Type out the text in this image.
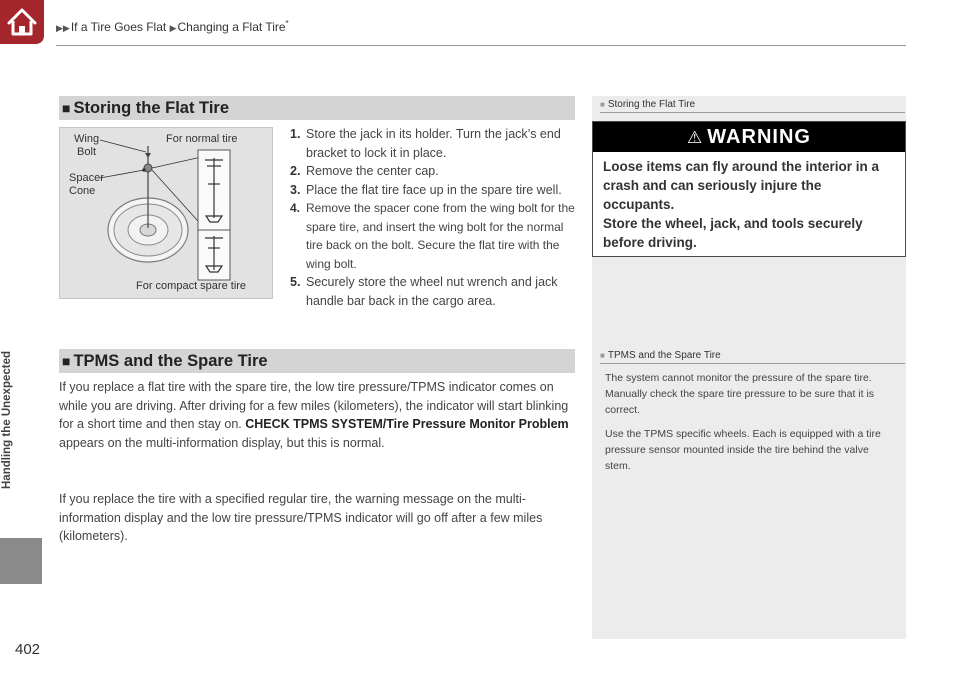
▶▶If a Tire Goes Flat ▶Changing a Flat Tire*
Handling the Unexpected
402
■ Storing the Flat Tire
⚠ WARNING
Loose items can fly around the interior in a crash and can seriously injure the occupants.
Store the wheel, jack, and tools securely before driving.
■ TPMS and the Spare Tire

The system cannot monitor the pressure of the spare tire. Manually check the spare tire pressure to be sure that it is correct.

Use the TPMS specific wheels. Each is equipped with a tire pressure sensor mounted inside the tire behind the valve stem.

■ Storing the Flat Tire
Wing
Bolt
For normal tire
Spacer
Cone
For compact spare tire
1. Store the jack in its holder. Turn the jack’s end bracket to lock it in place.
2. Remove the center cap.
3. Place the flat tire face up in the spare tire well.
4. Remove the spacer cone from the wing bolt for the spare tire, and insert the wing bolt for the normal tire back on the bolt. Secure the flat tire with the wing bolt.
5. Securely store the wheel nut wrench and jack handle bar back in the cargo area.
■ TPMS and the Spare Tire
If you replace a flat tire with the spare tire, the low tire pressure/TPMS indicator comes on while you are driving. After driving for a few miles (kilometers), the indicator will start blinking for a short time and then stay on. CHECK TPMS SYSTEM/Tire Pressure Monitor Problem appears on the multi-information display, but this is normal.
If you replace the tire with a specified regular tire, the warning message on the multi-information display and the low tire pressure/TPMS indicator will go off after a few miles (kilometers).
